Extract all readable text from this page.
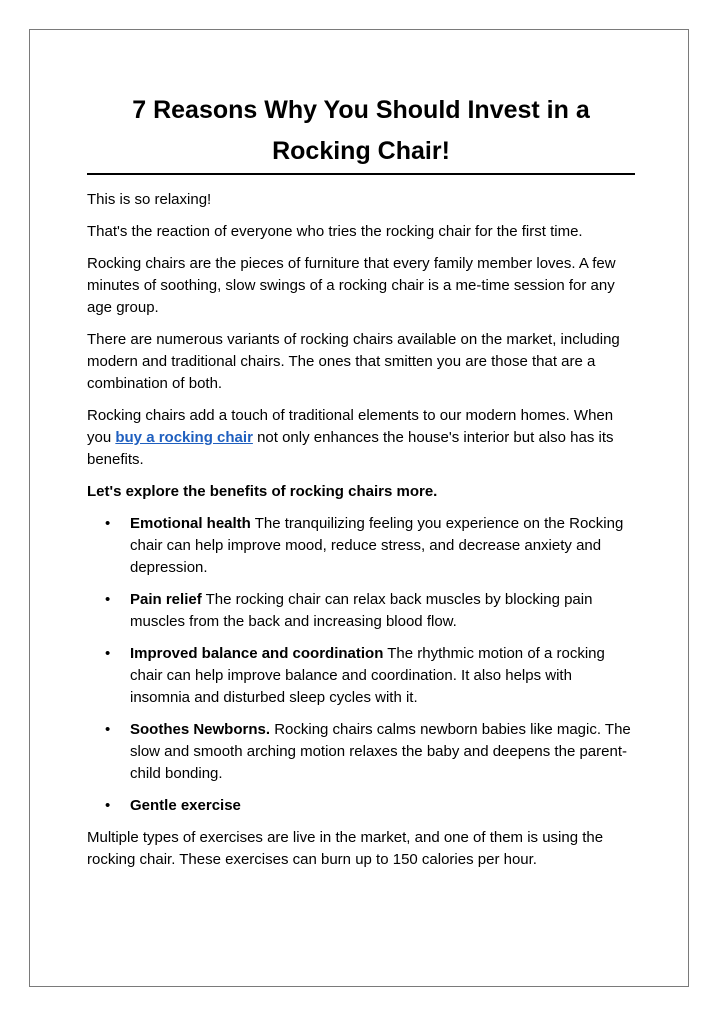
7 Reasons Why You Should Invest in a Rocking Chair!

This is so relaxing!

That's the reaction of everyone who tries the rocking chair for the first time.

Rocking chairs are the pieces of furniture that every family member loves. A few minutes of soothing, slow swings of a rocking chair is a me-time session for any age group.

There are numerous variants of rocking chairs available on the market, including modern and traditional chairs. The ones that smitten you are those that are a combination of both.

Rocking chairs add a touch of traditional elements to our modern homes. When you buy a rocking chair not only enhances the house's interior but also has its benefits.

Let's explore the benefits of rocking chairs more.

• Emotional health The tranquilizing feeling you experience on the Rocking chair can help improve mood, reduce stress, and decrease anxiety and depression.
• Pain relief The rocking chair can relax back muscles by blocking pain muscles from the back and increasing blood flow.
• Improved balance and coordination The rhythmic motion of a rocking chair can help improve balance and coordination. It also helps with insomnia and disturbed sleep cycles with it.
• Soothes Newborns. Rocking chairs calms newborn babies like magic. The slow and smooth arching motion relaxes the baby and deepens the parent-child bonding.
• Gentle exercise

Multiple types of exercises are live in the market, and one of them is using the rocking chair. These exercises can burn up to 150 calories per hour.
